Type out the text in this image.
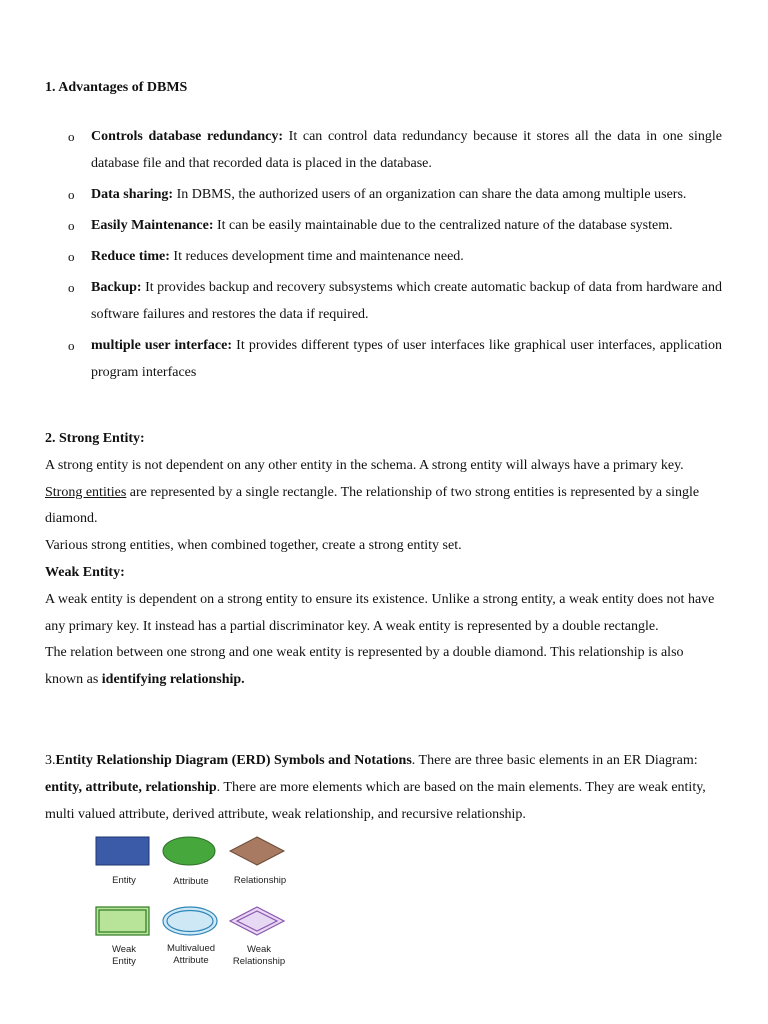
1. Advantages of DBMS
o Controls database redundancy: It can control data redundancy because it stores all the data in one single database file and that recorded data is placed in the database.
o Data sharing: In DBMS, the authorized users of an organization can share the data among multiple users.
o Easily Maintenance: It can be easily maintainable due to the centralized nature of the database system.
o Reduce time: It reduces development time and maintenance need.
o Backup: It provides backup and recovery subsystems which create automatic backup of data from hardware and software failures and restores the data if required.
o multiple user interface: It provides different types of user interfaces like graphical user interfaces, application program interfaces
2. Strong Entity:
A strong entity is not dependent on any other entity in the schema. A strong entity will always have a primary key. Strong entities are represented by a single rectangle. The relationship of two strong entities is represented by a single diamond.
Various strong entities, when combined together, create a strong entity set.
Weak Entity:
A weak entity is dependent on a strong entity to ensure its existence. Unlike a strong entity, a weak entity does not have any primary key. It instead has a partial discriminator key. A weak entity is represented by a double rectangle.
The relation between one strong and one weak entity is represented by a double diamond. This relationship is also known as identifying relationship.
3.Entity Relationship Diagram (ERD) Symbols and Notations. There are three basic elements in an ER Diagram: entity, attribute, relationship. There are more elements which are based on the main elements. They are weak entity, multi valued attribute, derived attribute, weak relationship, and recursive relationship.
Entity	Attribute	Relationship
Weak
Entity
Multivalued
Attribute
Weak
Relationship
